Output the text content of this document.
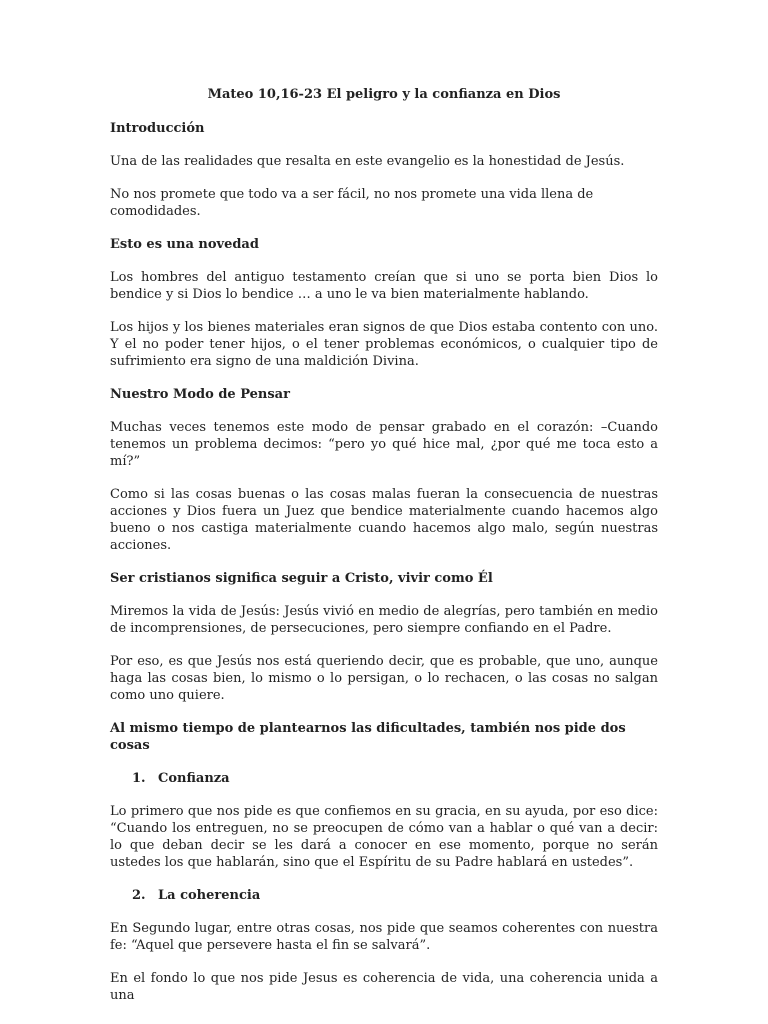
Mateo 10,16-23 El peligro y la confianza en Dios

Introducción

Una de las realidades que resalta en este evangelio es la honestidad de Jesús.

No nos promete que todo va a ser fácil, no nos promete una vida llena de comodidades.

Esto es una novedad

Los hombres del antiguo testamento creían que si uno se porta bien Dios lo bendice y si Dios lo bendice … a uno le va bien materialmente hablando.

Los hijos y los bienes materiales eran signos de que Dios estaba contento con uno. Y el no poder tener hijos, o el tener problemas económicos, o cualquier tipo de sufrimiento era signo de una maldición Divina.

Nuestro Modo de Pensar

Muchas veces tenemos este modo de pensar grabado en el corazón: –Cuando tenemos un problema decimos: “pero yo qué hice mal, ¿por qué me toca esto a mí?”

Como si las cosas buenas o las cosas malas fueran la consecuencia de nuestras acciones y Dios fuera un Juez que bendice materialmente cuando hacemos algo bueno o nos castiga materialmente cuando hacemos algo malo, según nuestras acciones.

Ser cristianos significa seguir a Cristo, vivir como Él

Miremos la vida de Jesús: Jesús vivió en medio de alegrías, pero también en medio de incomprensiones, de persecuciones, pero siempre confiando en el Padre.

Por eso, es que Jesús nos está queriendo decir, que es probable, que uno, aunque haga las cosas bien, lo mismo o lo persigan, o lo rechacen, o las cosas no salgan como uno quiere.

Al mismo tiempo de plantearnos las dificultades, también nos pide dos cosas

1. Confianza

Lo primero que nos pide es que confiemos en su gracia, en su ayuda, por eso dice: “Cuando los entreguen, no se preocupen de cómo van a hablar o qué van a decir: lo que deban decir se les dará a conocer en ese momento, porque no serán ustedes los que hablarán, sino que el Espíritu de su Padre hablará en ustedes”.

2. La coherencia

En Segundo lugar, entre otras cosas, nos pide que seamos coherentes con nuestra fe: “Aquel que persevere hasta el fin se salvará”.

En el fondo lo que nos pide Jesus es coherencia de vida, una coherencia unida a una
